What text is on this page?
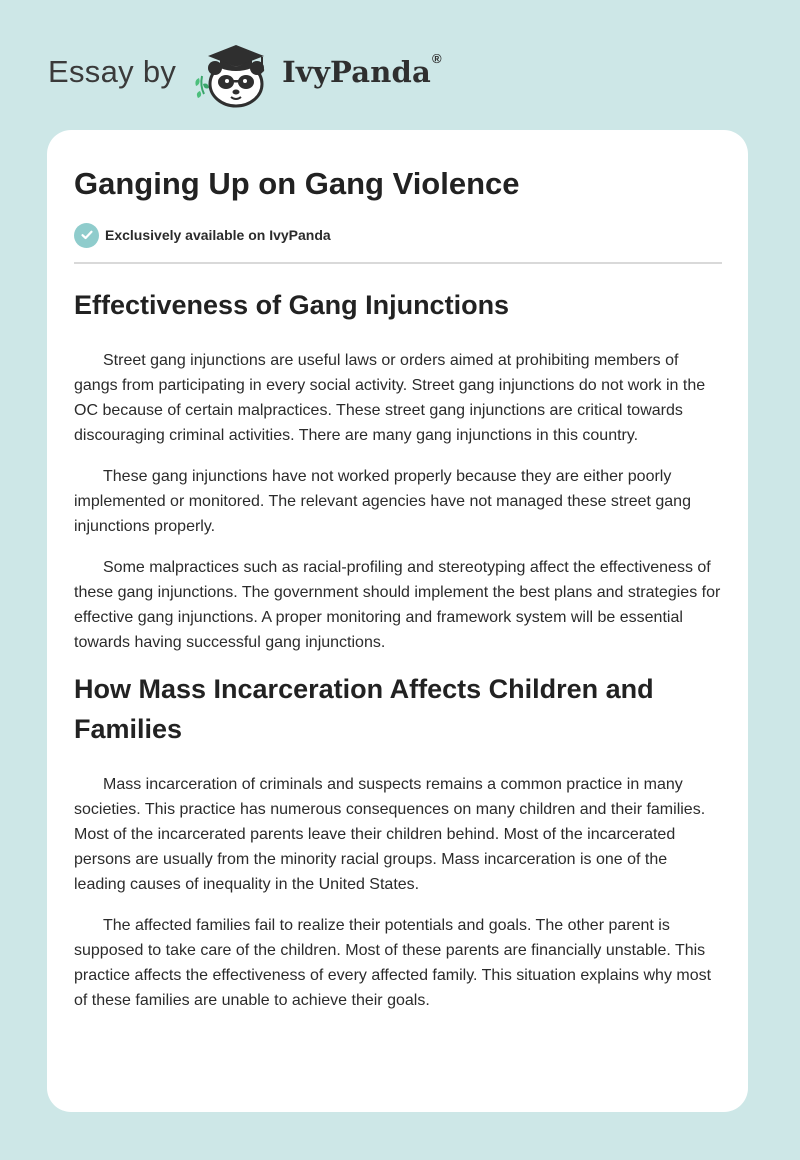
Essay by	IvyPanda®
Ganging Up on Gang Violence
Exclusively available on IvyPanda
Effectiveness of Gang Injunctions

Street gang injunctions are useful laws or orders aimed at prohibiting members of gangs from participating in every social activity. Street gang injunctions do not work in the OC because of certain malpractices. These street gang injunctions are critical towards discouraging criminal activities. There are many gang injunctions in this country.

These gang injunctions have not worked properly because they are either poorly implemented or monitored. The relevant agencies have not managed these street gang injunctions properly.

Some malpractices such as racial-profiling and stereotyping affect the effectiveness of these gang injunctions. The government should implement the best plans and strategies for effective gang injunctions. A proper monitoring and framework system will be essential towards having successful gang injunctions.

How Mass Incarceration Affects Children and Families

Mass incarceration of criminals and suspects remains a common practice in many societies. This practice has numerous consequences on many children and their families. Most of the incarcerated parents leave their children behind. Most of the incarcerated persons are usually from the minority racial groups. Mass incarceration is one of the leading causes of inequality in the United States.

The affected families fail to realize their potentials and goals. The other parent is supposed to take care of the children. Most of these parents are financially unstable. This practice affects the effectiveness of every affected family. This situation explains why most of these families are unable to achieve their goals.
